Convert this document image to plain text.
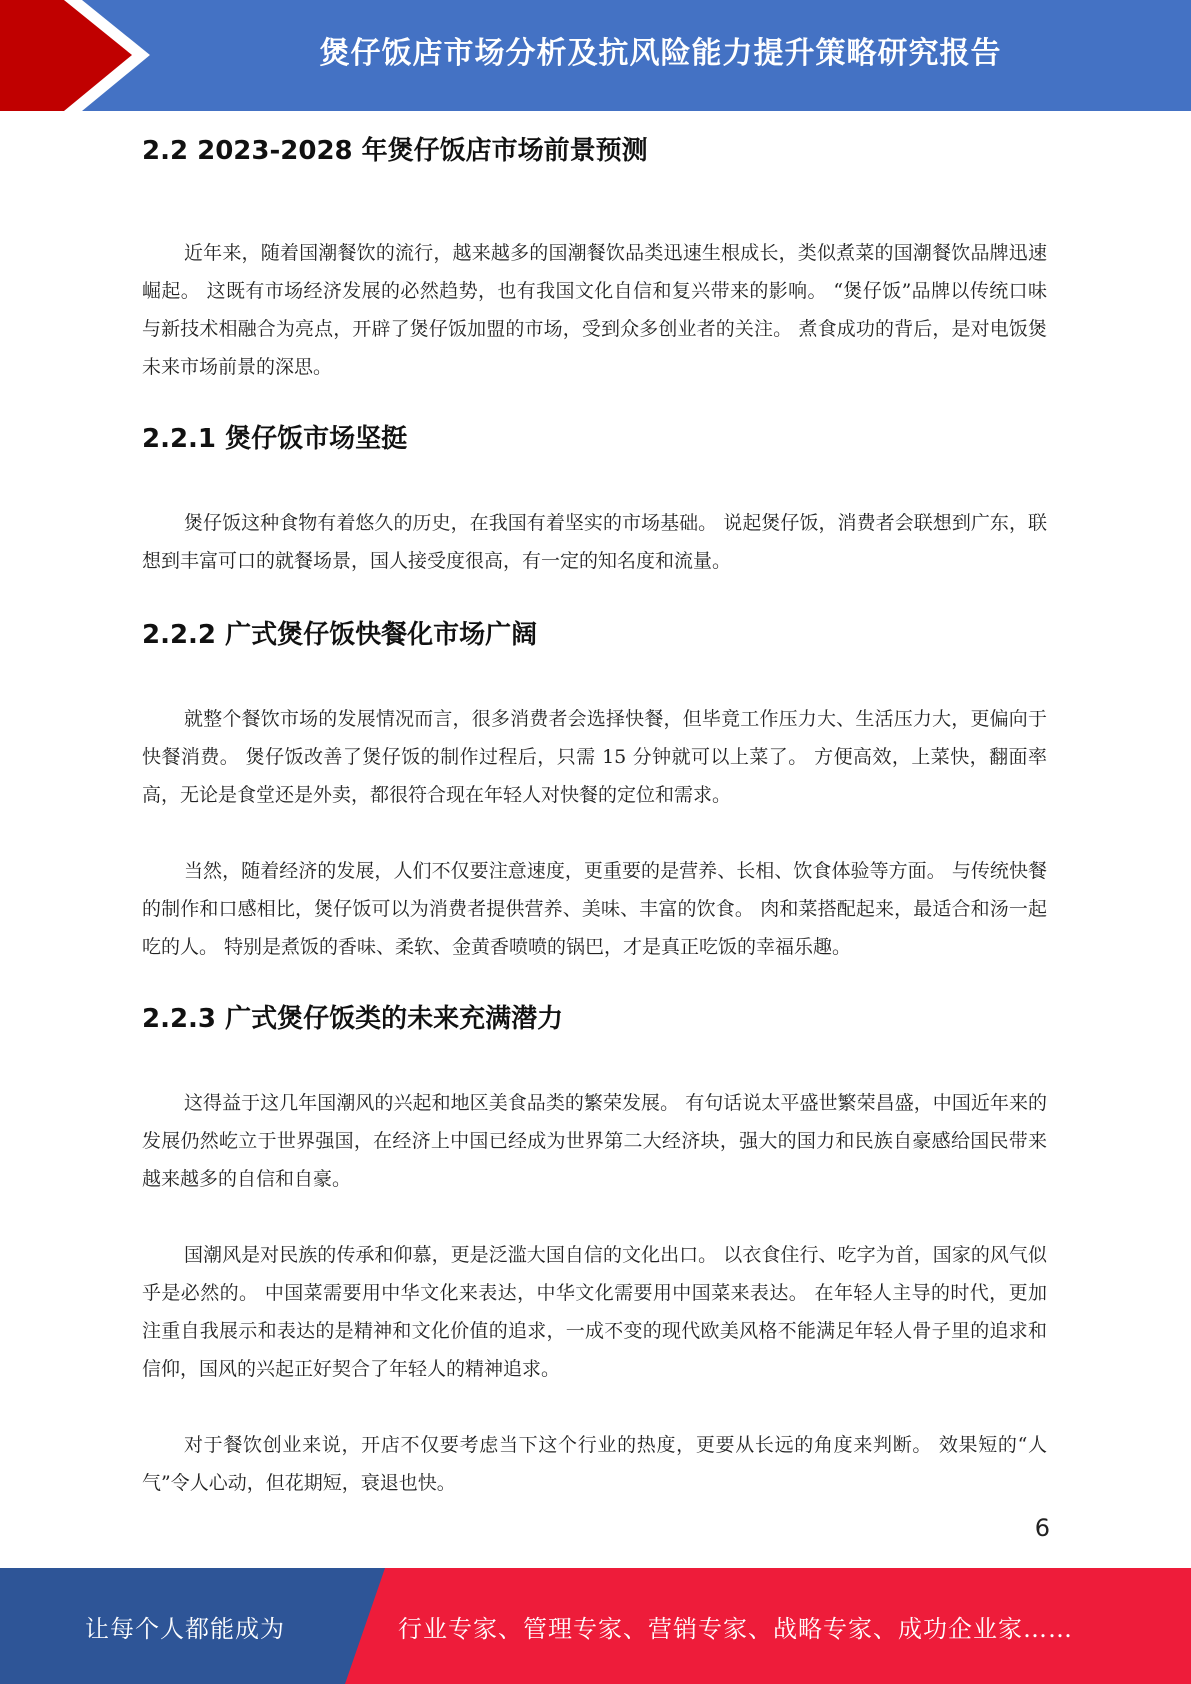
煲仔饭店市场分析及抗风险能力提升策略研究报告
2.2 2023-2028 年煲仔饭店市场前景预测

近年来，随着国潮餐饮的流行，越来越多的国潮餐饮品类迅速生根成长，类似煮菜的国潮餐饮品牌迅速崛起。 这既有市场经济发展的必然趋势，也有我国文化自信和复兴带来的影响。 “煲仔饭”品牌以传统口味与新技术相融合为亮点，开辟了煲仔饭加盟的市场，受到众多创业者的关注。 煮食成功的背后，是对电饭煲未来市场前景的深思。

2.2.1 煲仔饭市场坚挺

煲仔饭这种食物有着悠久的历史，在我国有着坚实的市场基础。 说起煲仔饭，消费者会联想到广东，联想到丰富可口的就餐场景，国人接受度很高，有一定的知名度和流量。

2.2.2 广式煲仔饭快餐化市场广阔

就整个餐饮市场的发展情况而言，很多消费者会选择快餐，但毕竟工作压力大、生活压力大，更偏向于快餐消费。 煲仔饭改善了煲仔饭的制作过程后，只需 15 分钟就可以上菜了。 方便高效，上菜快，翻面率高，无论是食堂还是外卖，都很符合现在年轻人对快餐的定位和需求。

当然，随着经济的发展，人们不仅要注意速度，更重要的是营养、长相、饮食体验等方面。 与传统快餐的制作和口感相比，煲仔饭可以为消费者提供营养、美味、丰富的饮食。 肉和菜搭配起来，最适合和汤一起吃的人。 特别是煮饭的香味、柔软、金黄香喷喷的锅巴，才是真正吃饭的幸福乐趣。

2.2.3 广式煲仔饭类的未来充满潜力

这得益于这几年国潮风的兴起和地区美食品类的繁荣发展。 有句话说太平盛世繁荣昌盛，中国近年来的发展仍然屹立于世界强国，在经济上中国已经成为世界第二大经济块，强大的国力和民族自豪感给国民带来越来越多的自信和自豪。

国潮风是对民族的传承和仰慕，更是泛滥大国自信的文化出口。 以衣食住行、吃字为首，国家的风气似乎是必然的。 中国菜需要用中华文化来表达，中华文化需要用中国菜来表达。 在年轻人主导的时代，更加注重自我展示和表达的是精神和文化价值的追求，一成不变的现代欧美风格不能满足年轻人骨子里的追求和信仰，国风的兴起正好契合了年轻人的精神追求。

对于餐饮创业来说，开店不仅要考虑当下这个行业的热度，更要从长远的角度来判断。 效果短的“人气”令人心动，但花期短，衰退也快。

6
让每个人都能成为	行业专家、管理专家、营销专家、战略专家、成功企业家……
